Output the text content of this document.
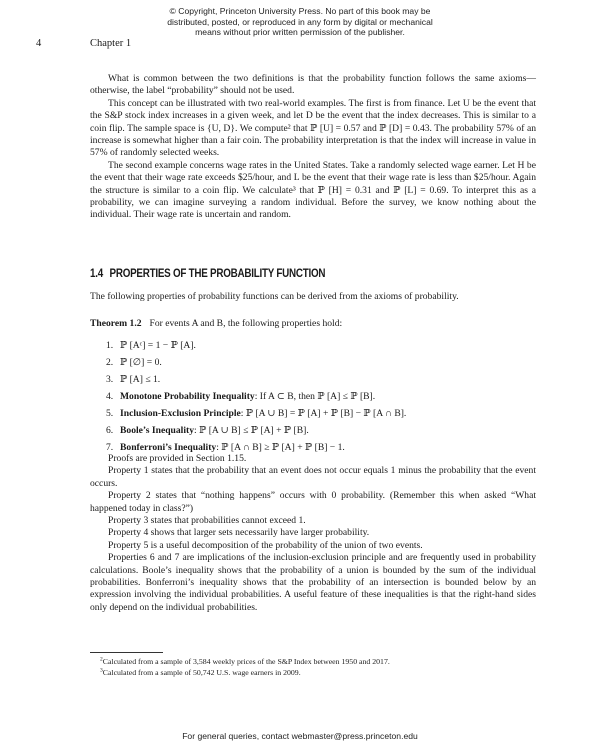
© Copyright, Princeton University Press. No part of this book may be
distributed, posted, or reproduced in any form by digital or mechanical
means without prior written permission of the publisher.
4	Chapter 1

What is common between the two definitions is that the probability function follows the same axioms—otherwise, the label “probability” should not be used.

This concept can be illustrated with two real-world examples. The first is from finance. Let U be the event that the S&P stock index increases in a given week, and let D be the event that the index decreases. This is similar to a coin flip. The sample space is {U, D}. We compute² that ℙ [U] = 0.57 and ℙ [D] = 0.43. The probability 57% of an increase is somewhat higher than a fair coin. The probability interpretation is that the index will increase in value in 57% of randomly selected weeks.

The second example concerns wage rates in the United States. Take a randomly selected wage earner. Let H be the event that their wage rate exceeds $25/hour, and L be the event that their wage rate is less than $25/hour. Again the structure is similar to a coin flip. We calculate³ that ℙ [H] = 0.31 and ℙ [L] = 0.69. To interpret this as a probability, we can imagine surveying a random individual. Before the survey, we know nothing about the individual. Their wage rate is uncertain and random.

1.4 PROPERTIES OF THE PROBABILITY FUNCTION
The following properties of probability functions can be derived from the axioms of probability.
Theorem 1.2 For events A and B, the following properties hold:
1. ℙ [Aᶜ] = 1 − ℙ [A].
2. ℙ [∅] = 0.
3. ℙ [A] ≤ 1.
4. Monotone Probability Inequality: If A ⊂ B, then ℙ [A] ≤ ℙ [B].
5. Inclusion-Exclusion Principle: ℙ [A ∪ B] = ℙ [A] + ℙ [B] − ℙ [A ∩ B].
6. Boole’s Inequality: ℙ [A ∪ B] ≤ ℙ [A] + ℙ [B].
7. Bonferroni’s Inequality: ℙ [A ∩ B] ≥ ℙ [A] + ℙ [B] − 1.

Proofs are provided in Section 1.15.

Property 1 states that the probability that an event does not occur equals 1 minus the probability that the event occurs.

Property 2 states that “nothing happens” occurs with 0 probability. (Remember this when asked “What happened today in class?”)

Property 3 states that probabilities cannot exceed 1.

Property 4 shows that larger sets necessarily have larger probability.

Property 5 is a useful decomposition of the probability of the union of two events.

Properties 6 and 7 are implications of the inclusion-exclusion principle and are frequently used in probability calculations. Boole’s inequality shows that the probability of a union is bounded by the sum of the individual probabilities. Bonferroni’s inequality shows that the probability of an intersection is bounded below by an expression involving the individual probabilities. A useful feature of these inequalities is that the right-hand sides only depend on the individual probabilities.

$^2$Calculated from a sample of 3,584 weekly prices of the S&P Index between 1950 and 2017.
$^3$Calculated from a sample of 50,742 U.S. wage earners in 2009.
For general queries, contact webmaster@press.princeton.edu
